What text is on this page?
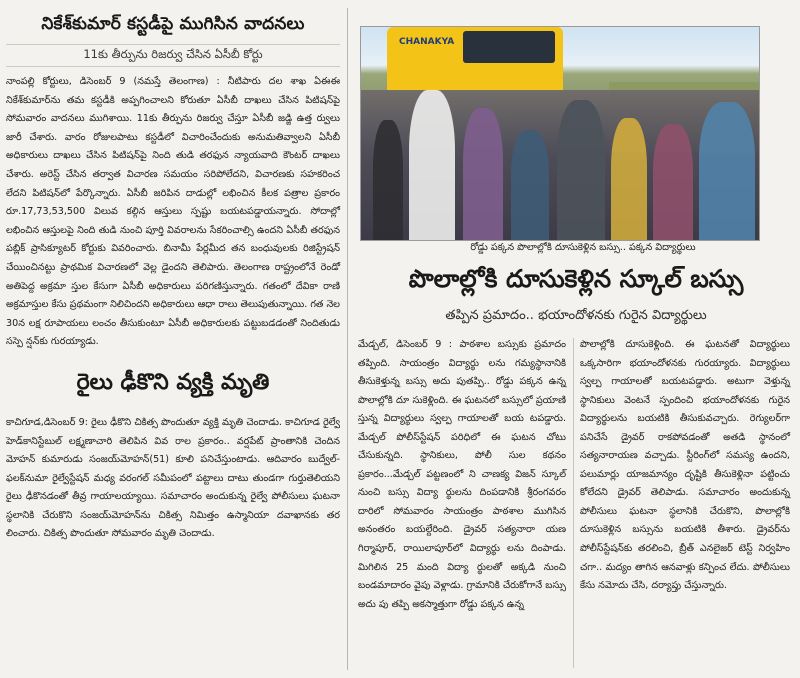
నికేశ్‌కుమార్ కస్టడీపై ముగిసిన వాదనలు
11కు తీర్పును రిజర్వు చేసిన ఏసీబీ కోర్టు

నాంపల్లి కోర్టులు, డిసెంబర్ 9 (నమస్తే తెలంగాణ) : నీటిపారు దల శాఖ ఏఈఈ నికేశ్‌కుమార్‌ను తమ కస్టడీకి అప్పగించాలని కోరుతూ ఏసీబీ దాఖలు చేసిన పిటిషన్‌పై సోమవారం వాదనలు ముగిశాయి. 11కు తీర్పును రిజర్వు చేస్తూ ఏసీబీ జడ్జి ఉత్త ర్వులు జారీ చేశారు. వారం రోజులపాటు కస్టడీలో విచారించేందుకు అనుమతివ్వాలని ఏసీబీ అధికారులు దాఖలు చేసిన పిటిషన్‌పై నింది తుడి తరఫున న్యాయవాది కౌంటర్ దాఖలు చేశారు. అరెస్ట్ చేసిన తర్వాత విచారణ సమయం సరిపోలేదని, విచారణకు సహకరించ లేదని పిటిషన్‌లో పేర్కొన్నారు. ఏసీబీ జరిపిన దాడుల్లో లభించిన కీలక పత్రాల ప్రకారం రూ.17,73,53,500 విలువ కల్గిన ఆస్తులు స్పష్టు బయటపడ్డాయన్నారు. సోదాల్లో లభించిన ఆస్తులపై నింది తుడి నుంచి పూర్తి వివరాలను సేకరించాల్సి ఉందని ఏసీబీ తరఫున పబ్లిక్ ప్రాసిక్యూటర్ కోర్టుకు వివరించారు. బినామీ పేర్లమీద తన బంధువులకు రిజిస్ట్రేషన్ చేయించినట్టు ప్రాథమిక విచారణలో వెల్ల డైందని తెలిపారు. తెలంగాణ రాష్ట్రంలోనే రెండో అతిపెద్ద అక్రమా స్తుల కేసుగా ఏసీబీ అధికారులు పరిగణిస్తున్నారు. గతంలో దేవికా రాణి అక్రమాస్తుల కేసు ప్రథమంగా నిలిచిందని అధికారులు ఆధా రాలు తెలుపుతున్నాయి. గత నెల 30న లక్ష రూపాయలు లంచం తీసుకుంటూ ఏసీబీ అధికారులకు పట్టుబడడంతో నిందితుడు సస్పె న్షన్‌కు గురయ్యాడు.

రైలు ఢీకొని వ్యక్తి మృతి

కాచిగూడ,డిసెంబర్ 9: రైలు ఢీకొని చికిత్స పొందుతూ వ్యక్తి మృతి చెందాడు. కాచిగూడ రైల్వే హెడ్‌కానిస్టేబుల్ లక్ష్మణాచారి తెలిపిన వివ రాల ప్రకారం.. వర్షపేట్ ప్రాంతానికి చెందిన మోహన్ కుమారుడు సంజయ్‌మోహన్(51) కూలి పనిచేస్తుంటాడు. ఆదివారం బుద్వేల్- ఫలక్‌నుమా రైల్వేస్టేషన్ మధ్య వరంగల్ సమీపంలో పట్టాలు దాటు తుండగా గుర్తుతెలియని రైలు ఢీకొనడంతో తీవ్ర గాయాలయ్యాయి. సమాచారం అందుకున్న రైల్వే పోలీసులు ఘటనా స్థలానికి చేరుకొని సంజయ్‌మోహన్‌ను చికిత్స నిమిత్తం ఉస్మానియా దవాఖానకు తర లించారు. చికిత్స పొందుతూ సోమవారం మృతి చెందాడు.

CHANAKYA
రోడ్డు పక్కన పొలాల్లోకి దూసుకెళ్లిన బస్సు.. పక్కన విద్యార్థులు
పొలాల్లోకి దూసుకెళ్లిన స్కూల్ బస్సు
తప్పిన ప్రమాదం.. భయాందోళనకు గురైన విద్యార్థులు

మేడ్చల్, డిసెంబర్ 9 : పాఠశాల బస్సుకు ప్రమాదం తప్పింది. సాయంత్రం విద్యార్థు లను గమ్యస్థానానికి తీసుకెళ్తున్న బస్సు అదు పుతప్పి.. రోడ్డు పక్కన ఉన్న పొలాల్లోకి దూ సుకెళ్లింది. ఈ ఘటనలో బస్సులో ప్రయాణి స్తున్న విద్యార్థులు స్వల్ప గాయాలతో బయ టపడ్డారు. మేడ్చల్ పోలీస్‌స్టేషన్ పరిధిలో ఈ ఘటన చోటు చేసుకున్నది. స్థానికులు, పోలీ సుల కథనం ప్రకారం...మేడ్చల్ పట్టణంలో ని చాణక్య విజన్ స్కూల్ నుంచి బస్సు విద్యా ర్థులను దింపడానికి శ్రీరంగవరం దారిలో సోమవారం సాయంత్రం పాఠశాల ముగిసిన అనంతరం బయల్దేరింది. డ్రైవర్ సత్యనారా యణ గిర్మాపూర్, రాయిలాపూర్‌లో విద్యార్థు లను దింపాడు. మిగిలిన 25 మంది విద్యా ర్థులతో అక్కడి నుంచి బండమాదారం వైపు వెళ్లాడు. గ్రామానికి చేరుకోగానే బస్సు అదు పు తప్పి అకస్మాత్తుగా రోడ్డు పక్కన ఉన్న

పొలాల్లోకి దూసుకెళ్లింది. ఈ ఘటనతో విద్యార్థులు ఒక్కసారిగా భయాందోళనకు గురయ్యారు. విద్యార్థులు స్వల్ప గాయాలతో బయటపడ్డారు. అటుగా వెళ్తున్న స్థానికులు వెంటనే స్పందించి భయాందోళనకు గురైన విద్యార్థులను బయటికి తీసుకువచ్చారు. రెగ్యులర్‌గా పనిచేసే డ్రైవర్ రాకపోవడంతో అతడి స్థానంలో సత్యనారాయణ వచ్చాడు. స్టీరింగ్‌లో సమస్య ఉందని, పలుమార్లు యాజమాన్యం దృష్టికి తీసుకెళ్లినా పట్టించు కోలేదని డ్రైవర్ తెలిపాడు. సమాచారం అందుకున్న పోలీసులు ఘటనా స్థలానికి చేరుకొని, పొలాల్లోకి దూసుకెళ్లిన బస్సును బయటికి తీశారు. డ్రైవర్‌ను పోలీస్‌స్టేషన్‌కు తరలించి, బ్రీత్ ఎనలైజర్ టెస్ట్ నిర్వహిం చగా.. మద్యం తాగిన ఆనవాళ్లు కన్పించ లేదు. పోలీసులు కేసు నమోదు చేసి, దర్యాప్తు చేస్తున్నారు.
